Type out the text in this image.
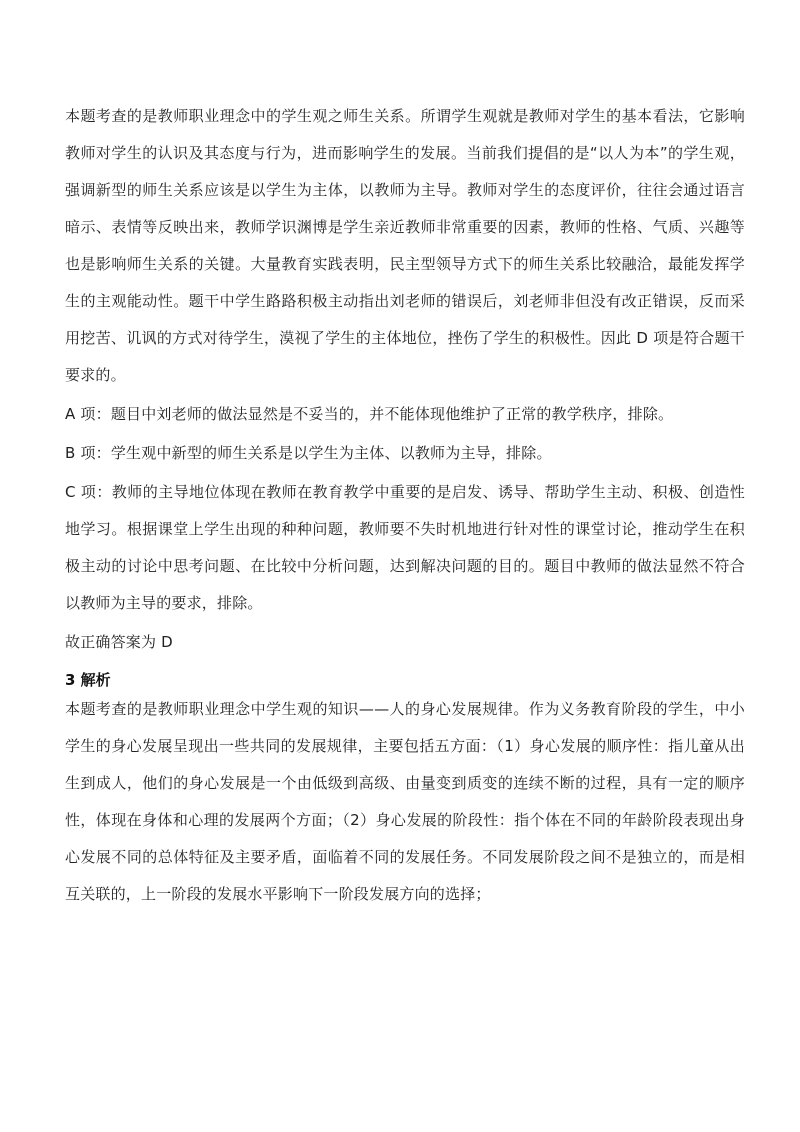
本题考查的是教师职业理念中的学生观之师生关系。所谓学生观就是教师对学生的基本看法，它影响教师对学生的认识及其态度与行为，进而影响学生的发展。当前我们提倡的是“以人为本”的学生观，强调新型的师生关系应该是以学生为主体，以教师为主导。教师对学生的态度评价，往往会通过语言暗示、表情等反映出来，教师学识渊博是学生亲近教师非常重要的因素，教师的性格、气质、兴趣等也是影响师生关系的关键。大量教育实践表明，民主型领导方式下的师生关系比较融洽，最能发挥学生的主观能动性。题干中学生路路积极主动指出刘老师的错误后，刘老师非但没有改正错误，反而采用挖苦、讥讽的方式对待学生，漠视了学生的主体地位，挫伤了学生的积极性。因此 D 项是符合题干要求的。

A 项：题目中刘老师的做法显然是不妥当的，并不能体现他维护了正常的教学秩序，排除。

B 项：学生观中新型的师生关系是以学生为主体、以教师为主导，排除。

C 项：教师的主导地位体现在教师在教育教学中重要的是启发、诱导、帮助学生主动、积极、创造性地学习。根据课堂上学生出现的种种问题，教师要不失时机地进行针对性的课堂讨论，推动学生在积极主动的讨论中思考问题、在比较中分析问题，达到解决问题的目的。题目中教师的做法显然不符合以教师为主导的要求，排除。

故正确答案为 D

3 解析

本题考查的是教师职业理念中学生观的知识——人的身心发展规律。作为义务教育阶段的学生，中小学生的身心发展呈现出一些共同的发展规律，主要包括五方面：（1）身心发展的顺序性：指儿童从出生到成人，他们的身心发展是一个由低级到高级、由量变到质变的连续不断的过程，具有一定的顺序性，体现在身体和心理的发展两个方面；（2）身心发展的阶段性：指个体在不同的年龄阶段表现出身心发展不同的总体特征及主要矛盾，面临着不同的发展任务。不同发展阶段之间不是独立的，而是相互关联的，上一阶段的发展水平影响下一阶段发展方向的选择；
